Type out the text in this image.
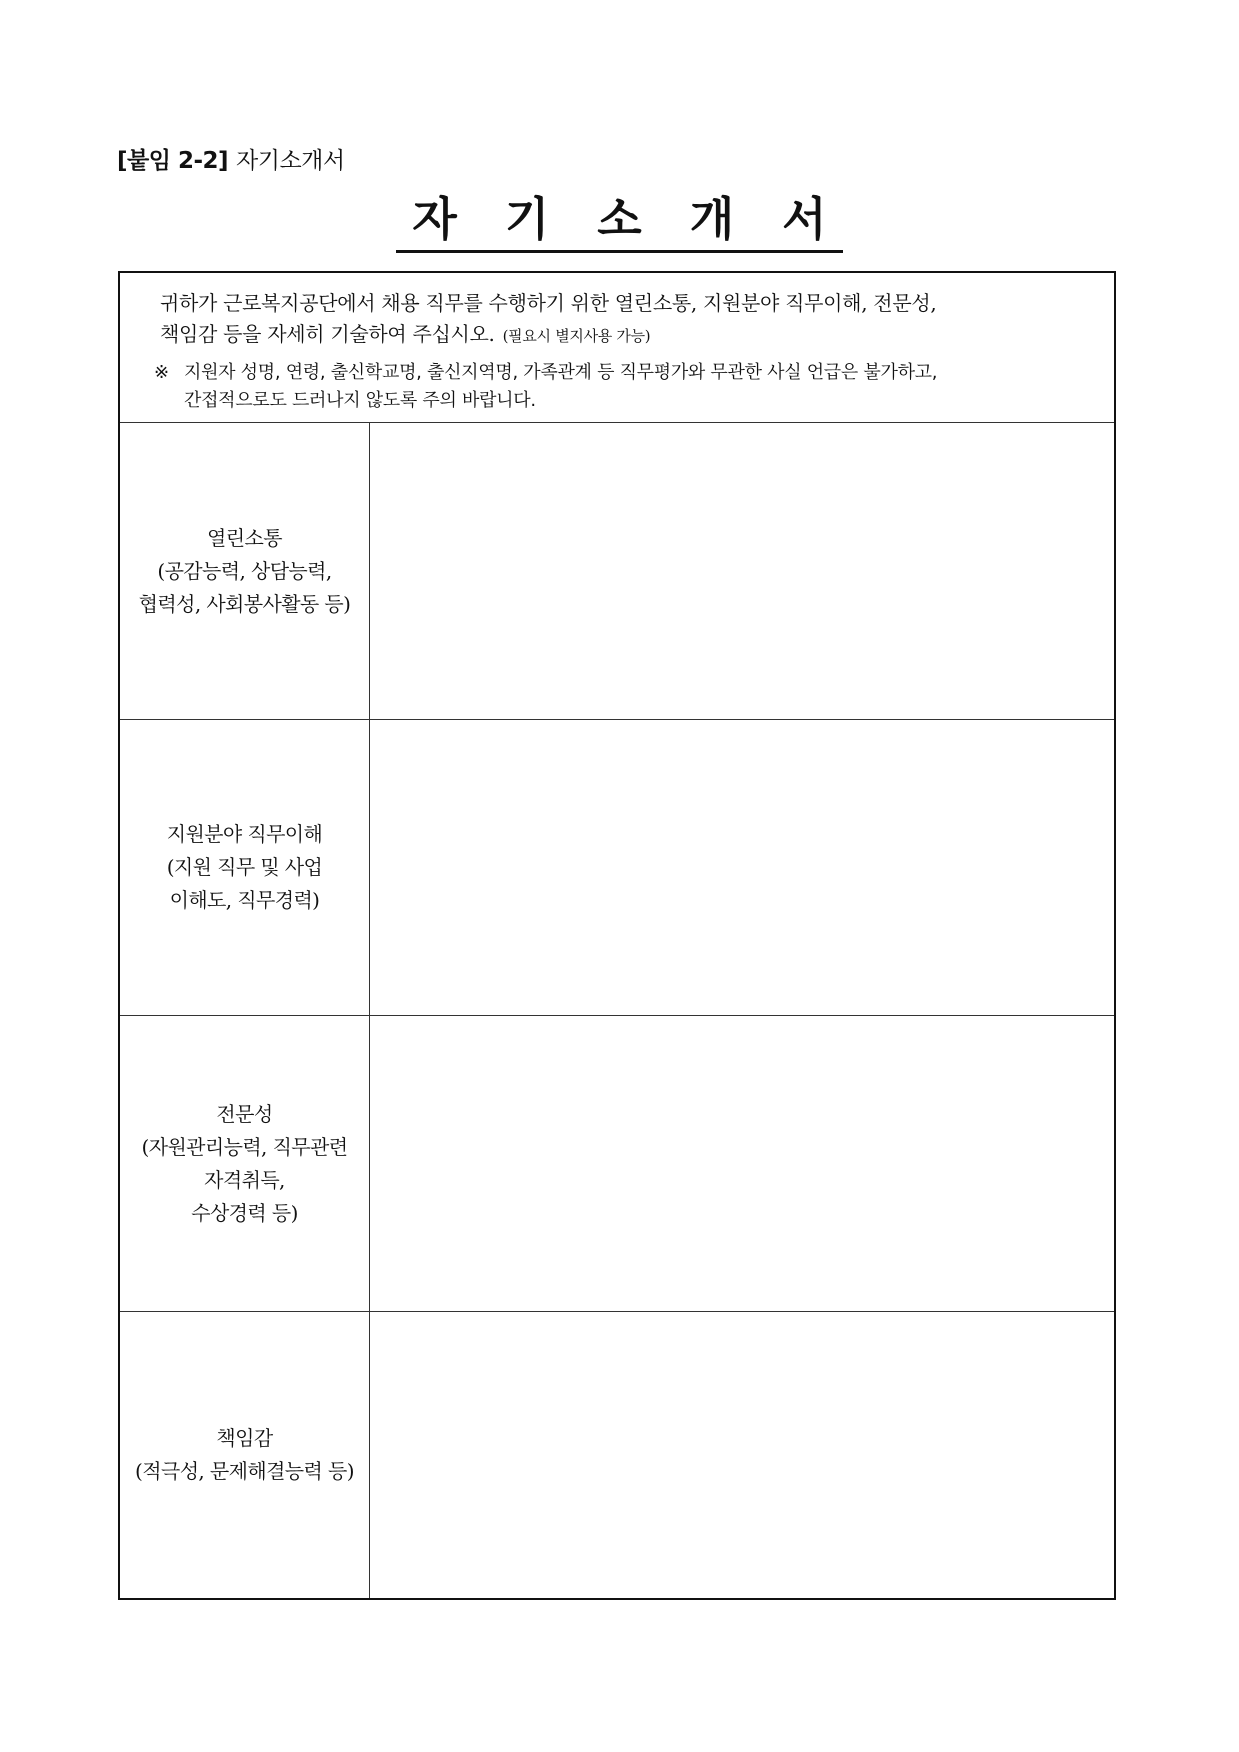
[붙임 2-2] 자기소개서
자 기 소 개 서
귀하가 근로복지공단에서 채용 직무를 수행하기 위한 열린소통, 지원분야 직무이해, 전문성,
책임감 등을 자세히 기술하여 주십시오. (필요시 별지사용 가능)
※ 지원자 성명, 연령, 출신학교명, 출신지역명, 가족관계 등 직무평가와 무관한 사실 언급은 불가하고,
간접적으로도 드러나지 않도록 주의 바랍니다.
열린소통
(공감능력, 상담능력,
협력성, 사회봉사활동 등)
지원분야 직무이해
(지원 직무 및 사업
이해도, 직무경력)
전문성
(자원관리능력, 직무관련
자격취득,
수상경력 등)
책임감
(적극성, 문제해결능력 등)
